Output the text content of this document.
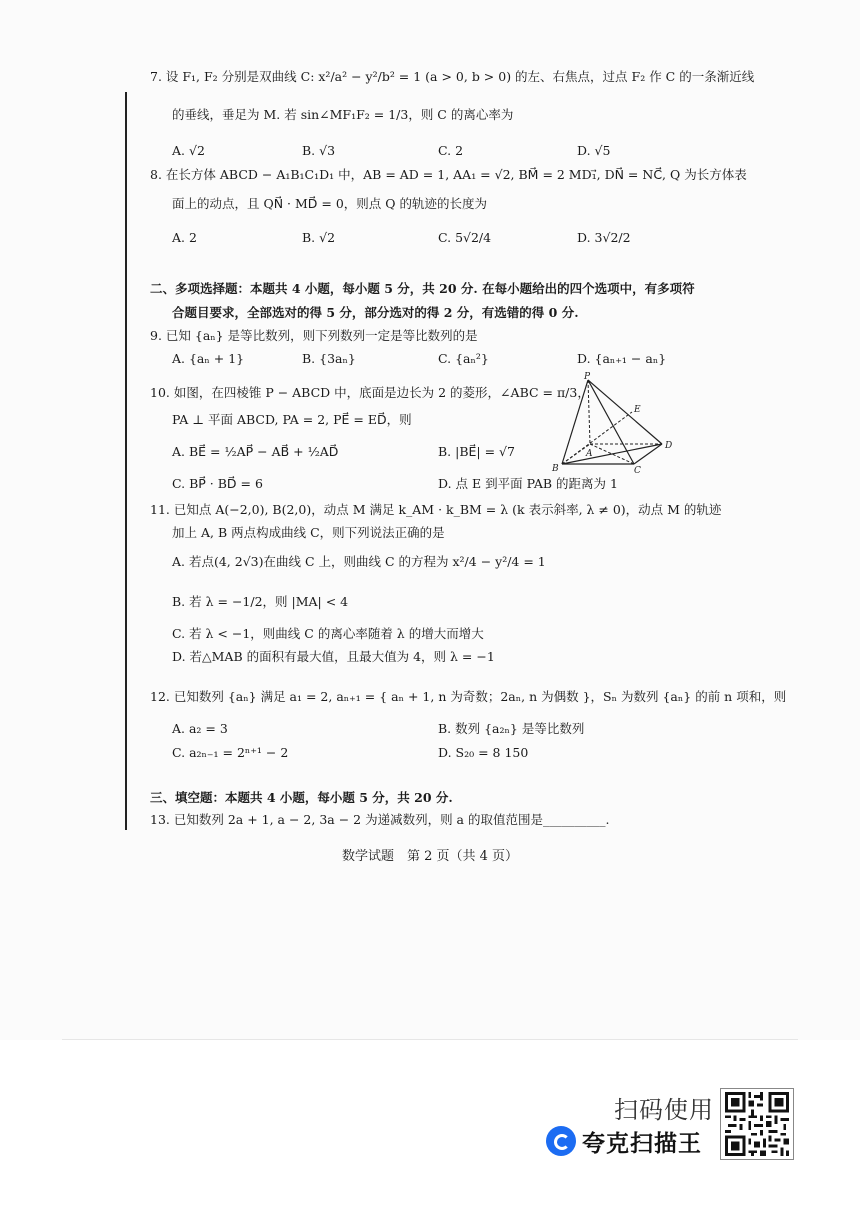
7. 设 F₁, F₂ 分别是双曲线 C: x²/a² − y²/b² = 1 (a > 0, b > 0) 的左、右焦点，过点 F₂ 作 C 的一条渐近线
的垂线，垂足为 M. 若 sin∠MF₁F₂ = 1/3，则 C 的离心率为
A. √2	B. √3	C. 2	D. √5
8. 在长方体 ABCD − A₁B₁C₁D₁ 中，AB = AD = 1, AA₁ = √2, BM⃗ = 2 MD₁⃗, DN⃗ = NC⃗, Q 为长方体表
面上的动点，且 QN⃗ · MD⃗ = 0，则点 Q 的轨迹的长度为
A. 2	B. √2	C. 5√2/4	D. 3√2/2
二、多项选择题：本题共 4 小题，每小题 5 分，共 20 分. 在每小题给出的四个选项中，有多项符
合题目要求，全部选对的得 5 分，部分选对的得 2 分，有选错的得 0 分.
9. 已知 {aₙ} 是等比数列，则下列数列一定是等比数列的是
A. {aₙ + 1}	B. {3aₙ}	C. {aₙ²}	D. {aₙ₊₁ − aₙ}
10. 如图，在四棱锥 P − ABCD 中，底面是边长为 2 的菱形，∠ABC = π/3，
PA ⊥ 平面 ABCD, PA = 2, PE⃗ = ED⃗，则
A. BE⃗ = ½AP⃗ − AB⃗ + ½AD⃗	B. |BE⃗| = √7
C. BP⃗ · BD⃗ = 6	D. 点 E 到平面 PAB 的距离为 1
P
E
A
B	C
D
11. 已知点 A(−2,0), B(2,0)，动点 M 满足 k_AM · k_BM = λ (k 表示斜率, λ ≠ 0)，动点 M 的轨迹
加上 A, B 两点构成曲线 C，则下列说法正确的是
A. 若点(4, 2√3)在曲线 C 上，则曲线 C 的方程为 x²/4 − y²/4 = 1
B. 若 λ = −1/2，则 |MA| < 4
C. 若 λ < −1，则曲线 C 的离心率随着 λ 的增大而增大
D. 若△MAB 的面积有最大值，且最大值为 4，则 λ = −1
12. 已知数列 {aₙ} 满足 a₁ = 2, aₙ₊₁ = { aₙ + 1, n 为奇数；2aₙ, n 为偶数 }，Sₙ 为数列 {aₙ} 的前 n 项和，则
A. a₂ = 3	B. 数列 {a₂ₙ} 是等比数列
C. a₂ₙ₋₁ = 2ⁿ⁺¹ − 2	D. S₂₀ = 8 150
三、填空题：本题共 4 小题，每小题 5 分，共 20 分.
13. 已知数列 2a + 1, a − 2, 3a − 2 为递减数列，则 a 的取值范围是__________.
数学试题　第 2 页（共 4 页）
扫码使用
夸克扫描王
